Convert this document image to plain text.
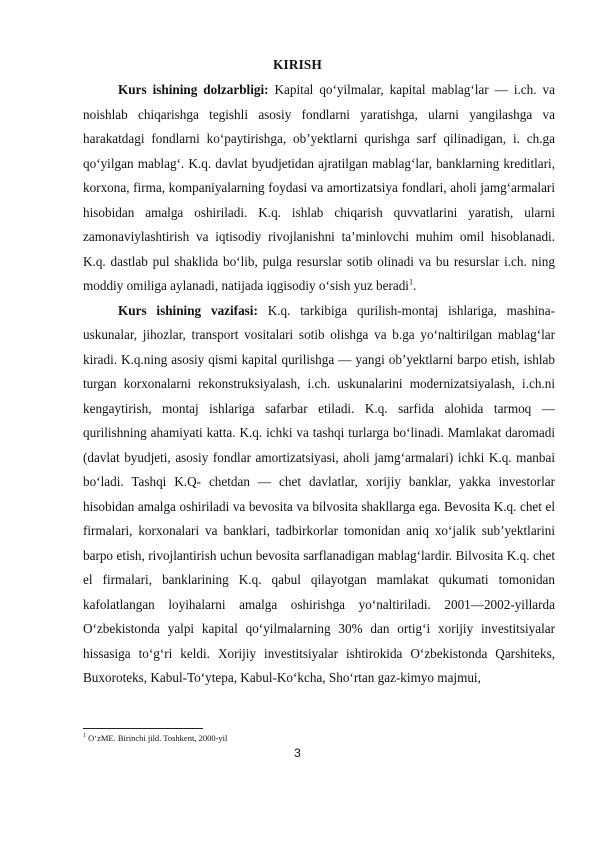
KIRISH

Kurs ishining dolzarbligi: Kapital qoʻyilmalar, kapital mablagʻlar — i.ch. va noishlab chiqarishga tegishli asosiy fondlarni yaratishga, ularni yangilashga va harakatdagi fondlarni koʻpaytirishga, obʼyektlarni qurishga sarf qilinadigan, i. ch.ga qoʻyilgan mablagʻ. K.q. davlat byudjetidan ajratilgan mablagʻlar, banklarning kreditlari, korxona, firma, kompaniyalarning foydasi va amortizatsiya fondlari, aholi jamgʻarmalari hisobidan amalga oshiriladi. K.q. ishlab chiqarish quvvatlarini yaratish, ularni zamonaviylashtirish va iqtisodiy rivojlanishni taʼminlovchi muhim omil hisoblanadi. K.q. dastlab pul shaklida boʻlib, pulga resurslar sotib olinadi va bu resurslar i.ch. ning moddiy omiliga aylanadi, natijada iqgisodiy oʻsish yuz beradi$^1$.

Kurs ishining vazifasi: K.q. tarkibiga qurilish-montaj ishlariga, mashina-uskunalar, jihozlar, transport vositalari sotib olishga va b.ga yoʻnaltirilgan mablagʻlar kiradi. K.q.ning asosiy qismi kapital qurilishga — yangi obʼyektlarni barpo etish, ishlab turgan korxonalarni rekonstruksiyalash, i.ch. uskunalarini modernizatsiyalash, i.ch.ni kengaytirish, montaj ishlariga safarbar etiladi. K.q. sarfida alohida tarmoq — qurilishning ahamiyati katta. K.q. ichki va tashqi turlarga boʻlinadi. Mamlakat daromadi (davlat byudjeti, asosiy fondlar amortizatsiyasi, aholi jamgʻarmalari) ichki K.q. manbai boʻladi. Tashqi K.Q- chetdan — chet davlatlar, xorijiy banklar, yakka investorlar hisobidan amalga oshiriladi va bevosita va bilvosita shakllarga ega. Bevosita K.q. chet el firmalari, korxonalari va banklari, tadbirkorlar tomonidan aniq xoʻjalik subʼyektlarini barpo etish, rivojlantirish uchun bevosita sarflanadigan mablagʻlardir. Bilvosita K.q. chet el firmalari, banklarining K.q. qabul qilayotgan mamlakat qukumati tomonidan kafolatlangan loyihalarni amalga oshirishga yoʻnaltiriladi. 2001—2002-yillarda Oʻzbekistonda yalpi kapital qoʻyilmalarning 30% dan ortigʻi xorijiy investitsiyalar hissasiga toʻgʻri keldi. Xorijiy investitsiyalar ishtirokida Oʻzbekistonda Qarshiteks, Buxoroteks, Kabul-Toʻytepa, Kabul-Koʻkcha, Shoʻrtan gaz-kimyo majmui,

$^1$ OʻzME. Birinchi jild. Toshkent, 2000-yil
3
